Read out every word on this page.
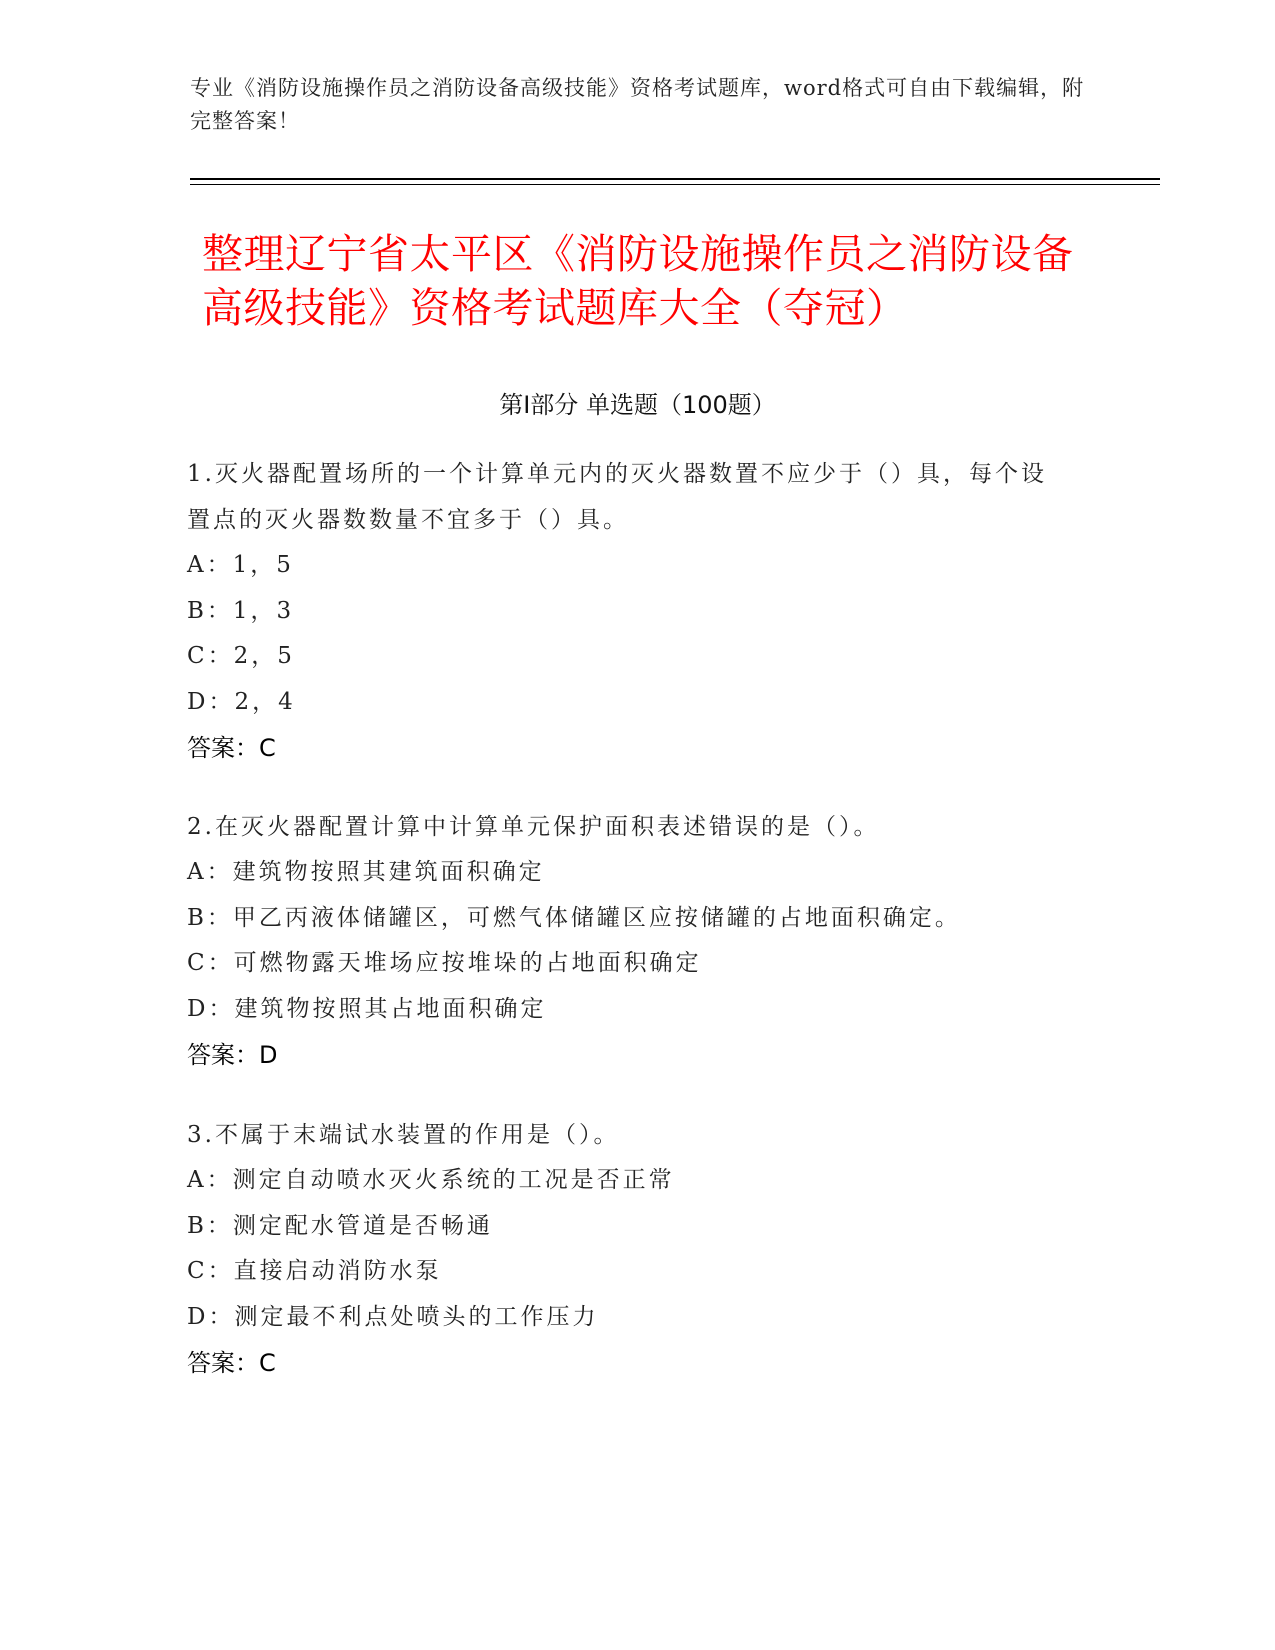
专业《消防设施操作员之消防设备高级技能》资格考试题库，word格式可自由下载编辑，附完整答案！

整理辽宁省太平区《消防设施操作员之消防设备高级技能》资格考试题库大全（夺冠）
第Ⅰ部分 单选题（100题）

1.灭火器配置场所的一个计算单元内的灭火器数置不应少于（）具，每个设置点的灭火器数数量不宜多于（）具。

A：1，5

B：1，3

C：2，5

D：2，4

答案：C

2.在灭火器配置计算中计算单元保护面积表述错误的是（）。

A：建筑物按照其建筑面积确定

B：甲乙丙液体储罐区，可燃气体储罐区应按储罐的占地面积确定。

C：可燃物露天堆场应按堆垛的占地面积确定

D：建筑物按照其占地面积确定

答案：D

3.不属于末端试水装置的作用是（）。

A：测定自动喷水灭火系统的工况是否正常

B：测定配水管道是否畅通

C：直接启动消防水泵

D：测定最不利点处喷头的工作压力

答案：C
